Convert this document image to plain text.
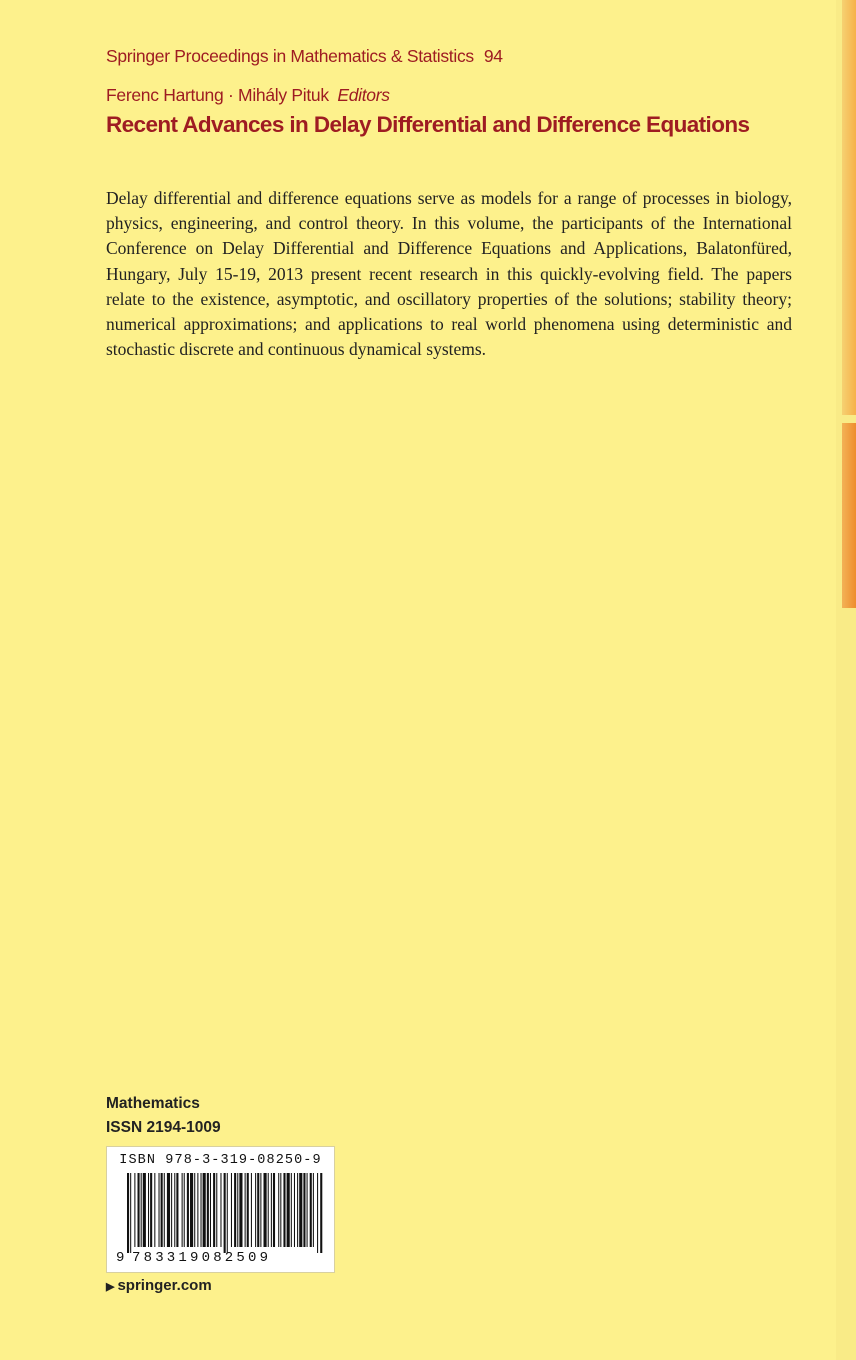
Springer Proceedings in Mathematics & Statistics 94
Ferenc Hartung · Mihály Pituk Editors
Recent Advances in Delay Differential and Difference Equations
Delay differential and difference equations serve as models for a range of processes in biology, physics, engineering, and control theory. In this volume, the participants of the International Conference on Delay Differential and Difference Equations and Applications, Balatonfüred, Hungary, July 15-19, 2013 present recent research in this quickly-evolving field. The papers relate to the existence, asymptotic, and oscillatory properties of the solutions; stability theory; numerical approximations; and applications to real world phenomena using deterministic and stochastic discrete and continuous dynamical systems.
Mathematics
ISSN 2194-1009
ISBN 978-3-319-08250-9
9 783319082509
▶ springer.com
